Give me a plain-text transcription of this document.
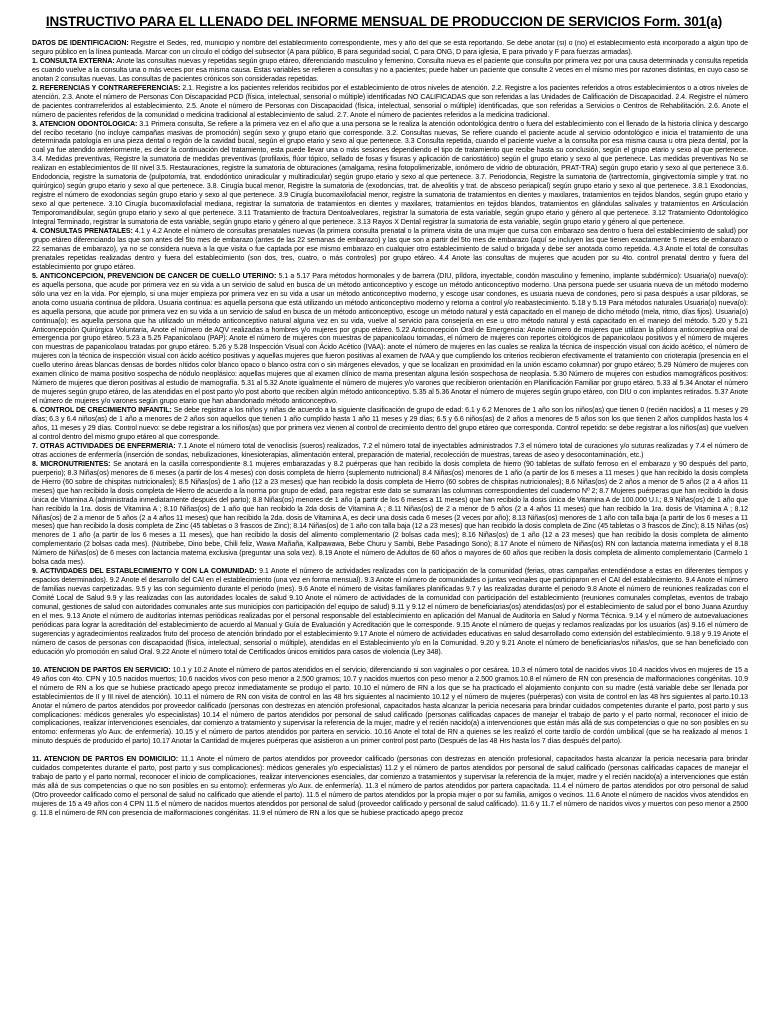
INSTRUCTIVO PARA EL LLENADO DEL INFORME MENSUAL DE PRODUCCION DE SERVICIOS Form. 301(a)

DATOS DE IDENTIFICACION: Registre el Sedes, red, municipio y nombre del establecimiento correspondiente, mes y año del que se está reportando. Se debe anotar (si) o (no) el establecimiento está incorporado a algún tipo de seguro público en la línea punteada. Marcar con un círculo el código del subsector (A para público, B para seguridad social, C para ONG, D para iglesia, E para privado y F para fuerzas armadas).

1. CONSULTA EXTERNA: Anote las consultas nuevas y repetidas según grupo etáreo, diferenciando masculino y femenino. Consulta nueva es el paciente que consulta por primera vez por una causa determinada y consulta repetida es cuando vuelve a la consulta una o más veces por esa misma causa. Estas variables se refieren a consultas y no a pacientes; puede haber un paciente que consulte 2 veces en el mismo mes por razones distintas, en cuyo caso se anotan 2 consultas nuevas. Las consultas de pacientes crónicos son consideradas repetidas.

2. REFERENCIAS Y CONTRAREFERENCIAS: 2.1. Registre a los pacientes referidos recibidos por el establecimiento de otros niveles de atención. 2.2. Registre a los pacientes referidos a otros establecimientos o a otros niveles de atención. 2.3. Anote el número de Personas Con Discapacidad PCD (física, intelectual, sensorial o múltiple) identificadas NO CALIFICADAS que son referidas a las Unidades de Calificación de Discapacidad. 2.4. Registre el número de pacientes contrarreferidos al establecimiento. 2.5. Anote el número de Personas con Discapacidad (física, intelectual, sensorial o múltiple) identificadas, que son referidas a Servicios o Centros de Rehabilitación. 2.6. Anote el número de pacientes referidos de la comunidad o medicina tradicional al establecimiento de salud. 2.7. Anote el número de pacientes referidos a la medicina tradicional.

3. ATENCION ODONTOLOGICA: 3.1 Primera consulta, Se refiere a la primera vez en el año que a una persona se le realiza la atención odontológica dentro o fuera del establecimiento con el llenado de la historia clínica y descargo del recibo recetario (no incluye campañas masivas de promoción) según sexo y grupo etario que corresponde. 3.2. Consultas nuevas, Se refiere cuando el paciente acude al servicio odontológico e inicia el tratamiento de una determinada patología en una pieza dental o región de la cavidad bucal, según el grupo etario y sexo al que pertenece. 3.3 Consulta repetida, cuando el paciente vuelve a la consulta por esa misma causa u otra pieza dental, por la cual ya fue atendido anteriormente, es decir la continuación del tratamiento, esta puede llevar una o más sesiones dependiendo el tipo de tratamiento que recibe hasta su conclusión, según el grupo etario y sexo al que pertenece. 3.4. Medidas preventivas, Registre la sumatoria de medidas preventivas (profilaxis, flúor tópico, sellado de fosas y fisuras y aplicación de cariostático) según el grupo etario y sexo al que pertenece. Las medidas preventivas No se realizan en establecimientos de III nivel 3.5. Restauraciones, registre la sumatoria de obturaciones (amalgama, resina fotopolimerizable, ionómero de vidrio de obturación, PRAT-TRA) según grupo etario y sexo al que pertenece 3.6. Endodoncia, registre la sumatoria de (pulpotomía, trat. endodóntico uniradicular y multiradicular) según grupo etario y sexo al que pertenece. 3.7. Periodoncia, Registre la sumatoria de (tartrectomía, gingivectomía simple y trat. no quirúrgico) según grupo etario y sexo al que pertenece. 3.8. Cirugía bucal menor, Registre la sumatoria de (exodoncias, trat. de alveolitis y trat. de absceso periapical) según grupo etario y sexo al que pertenece. 3.8.1 Exodoncias, registre el número de exodoncias según grupo etario y sexo al que pertenece. 3.9 Cirugía bucomaxilofacial menor, registre la sumatoria de tratamientos en dientes y maxilares, tratamientos en tejidos blandos, según grupo etario y sexo al que pertenece. 3.10 Cirugía bucomaxilofacial mediana, registrar la sumatoria de tratamientos en dientes y maxilares, tratamientos en tejidos blandos, tratamientos en glándulas salivales y tratamientos en Articulación Temporomandibular, según grupo etario y sexo al que pertenece. 3.11 Tratamiento de fractura Dentoalveolares, registrar la sumatoria de esta variable, según grupo etario y género al que pertenece. 3.12 Tratamiento Odontológico Integral Terminado, registrar la sumatoria de esta variable, según grupo etario y género al que pertenece. 3.13 Rayos X Dental registrar la sumatoria de esta variable, según grupo etario y género al que pertenece.

4. CONSULTAS PRENATALES: 4.1 y 4.2 Anote el número de consultas prenatales nuevas (la primera consulta prenatal o la primera visita de una mujer que cursa con embarazo sea dentro o fuera del establecimiento de salud) por grupo etáreo diferenciando las que son antes del 5to mes de embarazo (antes de las 22 semanas de embarazo) y las que son a partir del 5to mes de embarazo (aquí se incluyen las que tienen exactamente 5 meses de embarazo o 22 semanas de embarazo), ya no se considera nueva a la que visita o fue captada por ese mismo embarazo en cualquier otro establecimiento de salud o brigada y debe ser anotada como repetida. 4.3 Anote el total de consultas prenatales repetidas realizadas dentro y fuera del establecimiento (son dos, tres, cuatro, o más controles) por grupo etáreo. 4.4 Anote las consultas de mujeres que acuden por su 4to. control prenatal dentro y fuera del establecimiento por grupo etáreo.

5. ANTICONCEPCION, PREVENCION DE CANCER DE CUELLO UTERINO: 5.1 a 5.17 Para métodos hormonales y de barrera (DIU, píldora, inyectable, condón masculino y femenino, implante subdérmico): Usuaria(o) nueva(o): es aquella persona, que acude por primera vez en su vida a un servicio de salud en busca de un método anticonceptivo y escoge un método anticonceptivo moderno. Una persona puede ser usuaria nueva de un método moderno sólo una vez en la vida. Por ejemplo, si una mujer empieza por primera vez en su vida a usar un método anticonceptivo moderno, y escoge usar condones, es usuaria nueva de condones, pero si pasa después a usar píldoras, se anota como usuaria continua de píldora. Usuaria continua: es aquella persona que está utilizando un método anticonceptivo moderno y retorna a control y/o reabastecimiento. 5.18 y 5.19 Para métodos naturales Usuaria(o) nueva(o): es aquella persona, que acude por primera vez en su vida a un servicio de salud en busca de un método anticonceptivo, escoge un método natural y está capacitado en el manejo de dicho método (mela, ritmo, días fijos). Usuaria(o) continua(o): es aquella persona que ha utilizado un método anticonceptivo natural alguna vez en su vida, vuelve al servicio para consejería en ese u otro método natural y está capacitado en el manejo del método. 5.20 y 5.21 Anticoncepción Quirúrgica Voluntaria, Anote el número de AQV realizadas a hombres y/o mujeres por grupo etáreo. 5.22 Anticoncepción Oral de Emergencia: Anote número de mujeres que utilizan la píldora anticonceptiva oral de emergencia por grupo etáreo. 5.23 a 5.25 Papanicolaou (PAP): Anote el número de mujeres con muestras de papanicolaou tomadas, el número de mujeres con reportes citológicos de papanicolaou positivos y el número de mujeres con muestras de papanicolaou tratadas por grupo etáreo. 5.26 y 5.28 Inspección Visual con Ácido Acético (IVAA): anote el número de mujeres en las cuales se realiza la técnica de inspección visual con ácido acético, el número de mujeres con la técnica de inspección visual con ácido acético positivas y aquellas mujeres que fueron positivas al examen de IVAA y que cumpliendo los criterios recibieron efectivamente el tratamiento con crioterapia (presencia en el cuello uterino áreas blancas densas de bordes nítidos color blanco opaco o blanco ostra con o sin márgenes elevados, y que se localizan en proximidad en la unión escamo columnar) por grupo etáreo; 5.29 Número de mujeres con examen clínico de mama positivo sospecha de nódulo neoplásico: aquellas mujeres que al examen clínico de mama presentan alguna lesión sospechosa de neoplasia. 5.30 Número de mujeres con estudios mamográficos positivos: Número de mujeres que dieron positivas al estudio de mamografía. 5.31 al 5.32 Anote igualmente el número de mujeres y/o varones que recibieron orientación en Planificación Familiar por grupo etáreo. 5.33 al 5.34 Anotar el número de mujeres según grupo etáreo, de las atendidas en el post parto y/o post aborto que reciben algún método anticonceptivo. 5.35 al 5.36 Anotar el número de mujeres según grupo etáreo, con DIU o con implantes retirados. 5.37 Anote el número de mujeres y/o varones según grupo etario que han abandonado método anticonceptivo.

6. CONTROL DE CRECIMIENTO INFANTIL: Se debe registrar a los niños y niñas de acuerdo a la siguiente clasificación de grupo de edad: 6.1 y 6.2 Menores de 1 año son los niños(as) que tienen 0 (recién nacidos) a 11 meses y 29 días; 6.3 y 6.4 niños(as) de 1 año a menores de 2 años son aquellos que tienen 1 año cumplido hasta 1 año 11 meses y 29 días; 6.5 y 6.6 niños(as) de 2 años a menores de 5 años son los que tienen 2 años cumplidos hasta los 4 años, 11 meses y 29 días. Control nuevo: se debe registrar a los niños(as) que por primera vez vienen al control de crecimiento dentro del grupo etáreo que corresponda. Control repetido: se debe registrar a los niños(as) que vuelven al control dentro del mismo grupo etáreo al que corresponde.

7. OTRAS ACTIVIDADES DE ENFERMERIA: 7.1 Anote el número total de venoclisis (sueros) realizados, 7.2 el número total de inyectables administrados 7.3 el número total de curaciones y/o suturas realizadas y 7.4 el número de otras acciones de enfermería (inserción de sondas, nebulizaciones, kinesioterapias, alimentación enteral, preparación de material, recolección de muestras, tareas de aseo y desocontaminación, etc.)

8. MICRONUTRIENTES: Se anotará en la casilla correspondiente 8.1 mujeres embarazadas y 8.2 puérperas que han recibido la dosis completa de hierro (90 tabletas de sulfato ferroso en el embarazo y 90 después del parto, puerperio); 8.3 Niñas(os) menores de 6 meses (a partir de los 4 meses) con dosis completa de hierro (suplemento nutricional) 8.4 Niñas(os) menores de 1 año (a partir de los 6 meses a 11 meses ) que han recibido la dosis completa de Hierro (60 sobre de chispitas nutricionales); 8.5 Niñas(os) de 1 año (12 a 23 meses) que han recibido la dosis completa de Hierro (60 sobres de chispitas nutricionales); 8.6 Niñas(os) de 2 años a menor de 5 años (2 a 4 años 11 meses) que han recibido la dosis completa de Hierro de acuerdo a la norma por grupo de edad, para registrar este dato se sumaran las columnas correspondientes del cuaderno Nº 2; 8.7 Mujeres puérperas que han recibido la dosis única de Vitamina A (administrada inmediatamente después del parto); 8.8 Niñas(os) menores de 1 año (a partir de los 6 meses a 11 meses) que han recibido la dosis única de Vitamina A de 100.000 U.I.; 8.9 Niñas(os) de 1 año que han recibido la 1ra. dosis de Vitamina A ; 8.10 Niñas(os) de 1 año que han recibido la 2da dosis de Vitamina A ; 8.11 Niñas(os) de 2 a menor de 5 años (2 a 4 años 11 meses) que han recibido la 1ra. dosis de Vitamina A ; 8.12 Niñas(os) de 2 a menor de 5 años (2 a 4 años 11 meses) que han recibido la 2da. dosis de Vitamina A, es decir una dosis cada 6 meses (2 veces por año); 8.13 Niñas(os) menores de 1 año con talla baja (a partir de los 6 meses a 11 meses) que han recibido la dosis completa de Zinc (45 tabletas o 3 frascos de Zinc); 8.14 Niñas(os) de 1 año con talla baja (12 a 23 meses) que han recibido la dosis completa de Zinc (45 tabletas o 3 frascos de Zinc); 8.15 Niñas (os) menores de 1 año (a partir de los 6 meses a 11 meses), que han recibido la dosis del alimento complementario (2 bolsas cada mes); 8.16 Niñas(os) de 1 año (12 a 23 meses) que han recibido la dosis completa de alimento complementario (2 bolsas cada mes). (Nutribebe, Dino bebe, Chili feliz, Wawa Mañaña, Kallpawawa, Bebe Churu y Sambi, Bebe Pasadingo Sono); 8.17 Anote el número de Niñas(os) RN con lactancia materna inmediata y el 8.18 Número de Niñas(os) de 6 meses con lactancia materna exclusiva (preguntar una sola vez). 8.19 Anote el número de Adultos de 60 años o mayores de 60 años que reciben la dosis completa de alimento complementario (Carmelo 1 bolsa cada mes).

9. ACTIVIDADES DEL ESTABLECIMIENTO Y CON LA COMUNIDAD: 9.1 Anote el número de actividades realizadas con la participación de la comunidad (ferias, otras campañas entendiéndose a estas en diferentes tiempos y espacios determinados). 9.2 Anote el desarrollo del CAI en el establecimiento (una vez en forma mensual). 9.3 Anote el número de comunidades o juntas vecinales que participaron en el CAI del establecimiento. 9.4 Anote el número de familias nuevas carpetizadas. 9.5 y las con seguimiento durante el periodo (mes). 9.6 Anote el número de visitas familiares planificadas 9.7 y las realizadas durante el periodo 9.8 Anote el número de reuniones realizadas con el Comité Local de Salud 9.9 y las realizadas con las autoridades locales de salud 9.10 Anote el número de actividades de la comunidad con participación del establecimiento (reuniones comunales completas, eventos de trabajo comunal, gestiones de salud con autoridades comunales ante sus municipios con participación del equipo de salud) 9.11 y 9.12 el número de beneficiarias(os) atendidas(os) por el establecimiento de salud por el bono Juana Azurduy en el mes. 9.13 Anote el número de auditorías internas periódicas realizadas por el personal responsable del establecimiento en aplicación del Manual de Auditoría en Salud y Norma Técnica. 9.14 y el número de autoevaluaciones periódicas para lograr la acreditación del establecimiento de acuerdo al Manual y Guía de Evaluación y Acreditación que le corresponde. 9.15 Anote el número de quejas y reclamos realizadas por los usuarios (as) 9.16 el número de sugerencias y agradecimientos realizados fruto del proceso de atención brindado por el establecimiento 9.17 Anote el número de actividades educativas en salud desarrollado como extensión del establecimiento. 9.18 y 9.19 Anote el número de casos de personas con discapacidad (física, intelectual, sensorial o múltiple), atendidas en el Establecimiento y/o en la Comunidad. 9.20 y 9.21 Anote el número de beneficiarias/os niñas/os, que se han beneficiado con educación y/o promoción en salud Oral. 9.22 Anote el número total de Certificados únicos emitidos para casos de violencia (Ley 348).

10. ATENCION DE PARTOS EN SERVICIO: 10.1 y 10.2 Anote el número de partos atendidos en el servicio, diferenciando si son vaginales o por cesárea. 10.3 el número total de nacidos vivos 10.4 nacidos vivos en mujeres de 15 a 49 años con 4to. CPN y 10.5 nacidos muertos; 10.6 nacidos vivos con peso menor a 2.500 gramos; 10.7 y nacidos muertos con peso menor a 2.500 gramos.10.8 el número de RN con presencia de malformaciones congénitas. 10.9 el número de RN a los que se hubiese practicado apego precoz inmediatamente se produjo el parto. 10.10 el número de RN a los que se ha practicado el alojamiento conjunto con su madre (está variable debe ser llenada por establecimientos de II y III nivel de atención). 10.11 el número de RN con visita de control en las 48 hrs siguientes al nacimiento 10.12 y el número de mujeres (puérperas) con visita de control en las 48 hrs siguientes al parto.10.13 Anotar el número de partos atendidos por proveedor calificado (personas con destrezas en atención profesional, capacitados hasta alcanzar la pericia necesaria para brindar cuidados competentes durante el parto, post parto y sus complicaciones: médicos generales y/o especialistas) 10.14 el número de partos atendidos por personal de salud calificado (personas calificadas capaces de manejar el trabajo de parto y el parto normal, reconocer el inicio de complicaciones, realizar intervenciones esenciales, dar comienzo a tratamiento y supervisar la referencia de la mujer, madre y el recién nacido(a) a intervenciones que están más allá de sus competencias o que no son posibles en su entorno: enfermeras y/o Aux. de enfermería). 10.15 y el número de partos atendidos por partera en servicio. 10.16 Anote el total de RN a quienes se les realizó el corte tardío de cordón umbilical (que se ha realizado al menos 1 minuto después de producido el parto) 10.17 Anotar la Cantidad de mujeres puérperas que asistieron a un primer control post parto (Después de las 48 Hrs hasta los 7 días después del parto).

11. ATENCION DE PARTOS EN DOMICILIO: 11.1 Anote el número de partos atendidos por proveedor calificado (personas con destrezas en atención profesional, capacitados hasta alcanzar la pericia necesaria para brindar cuidados competentes durante el parto, post parto y sus complicaciones): médicos generales y/o especialistas) 11.2 y el número de partos atendidos por personal de salud calificado (personas calificadas capaces de manejar el trabajo de parto y el parto normal, reconocer el inicio de complicaciones, realizar intervenciones esenciales, dar comienzo a tratamientos y supervisar la referencia de la mujer, madre y el recién nacido(a) a intervenciones que están más allá de sus competencias o que no son posibles en su entorno): enfermeras y/o Aux. de enfermería). 11.3 el número de partos atendidos por partera capacitada. 11.4 el número de partos atendidos por otro personal de salud (Otro proveedor calificado como el personal de salud no calificado que atiende el parto). 11.5 el número de partos atendidos por la propia mujer o por su familia, amigos o vecinos. 11.6 Anote el número de nacidos vivos atendidos en mujeres de 15 a 49 años con 4 CPN 11.5 el número de nacidos muertos atendidos por personal de salud (proveedor calificado y personal de salud calificado). 11.6 y 11.7 el número de nacidos vivos y muertos con peso menor a 2500 g. 11.8 el número de RN con presencia de malformaciones congénitas. 11.9 el número de RN a los que se hubiese practicado apego precoz
